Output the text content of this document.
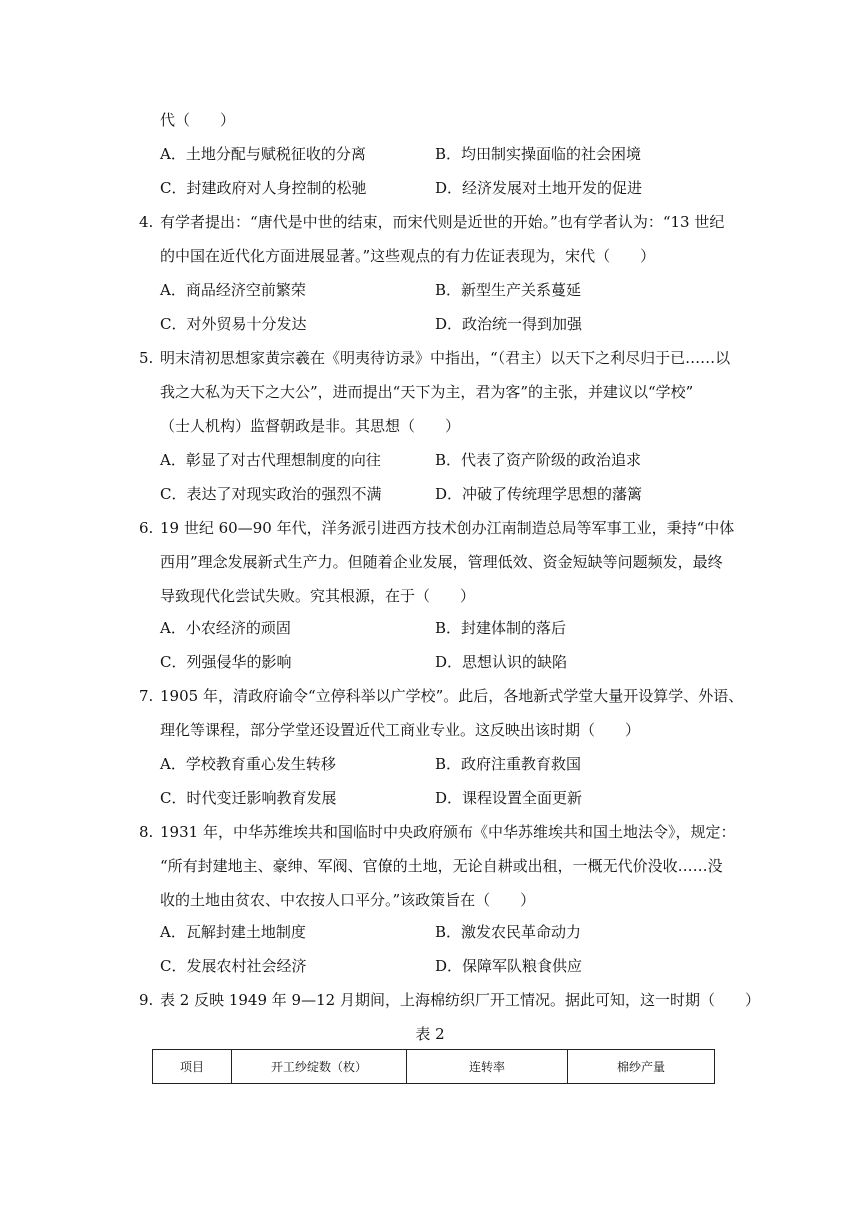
代（　　）
A．土地分配与赋税征收的分离	B．均田制实操面临的社会困境
C．封建政府对人身控制的松驰	D．经济发展对土地开发的促进
4. 有学者提出：“唐代是中世的结束，而宋代则是近世的开始。”也有学者认为：“13 世纪
的中国在近代化方面进展显著。”这些观点的有力佐证表现为，宋代（　　）
A．商品经济空前繁荣	B．新型生产关系蔓延
C．对外贸易十分发达	D．政治统一得到加强
5. 明末清初思想家黄宗羲在《明夷待访录》中指出，“（君主）以天下之利尽归于已……以
我之大私为天下之大公”，进而提出“天下为主，君为客”的主张，并建议以“学校”
（士人机构）监督朝政是非。其思想（　　）
A．彰显了对古代理想制度的向往	B．代表了资产阶级的政治追求
C．表达了对现实政治的强烈不满	D．冲破了传统理学思想的藩篱
6. 19 世纪 60—90 年代，洋务派引进西方技术创办江南制造总局等军事工业，秉持“中体
西用”理念发展新式生产力。但随着企业发展，管理低效、资金短缺等问题频发，最终
导致现代化尝试失败。究其根源，在于（　　）
A．小农经济的顽固	B．封建体制的落后
C．列强侵华的影响	D．思想认识的缺陷
7. 1905 年，清政府谕令“立停科举以广学校”。此后，各地新式学堂大量开设算学、外语、
理化等课程，部分学堂还设置近代工商业专业。这反映出该时期（　　）
A．学校教育重心发生转移	B．政府注重教育救国
C．时代变迁影响教育发展	D．课程设置全面更新
8. 1931 年，中华苏维埃共和国临时中央政府颁布《中华苏维埃共和国土地法令》，规定：
“所有封建地主、豪绅、军阀、官僚的土地，无论自耕或出租，一概无代价没收……没
收的土地由贫农、中农按人口平分。”该政策旨在（　　）
A．瓦解封建土地制度	B．激发农民革命动力
C．发展农村社会经济	D．保障军队粮食供应
9. 表 2 反映 1949 年 9—12 月期间，上海棉纺织厂开工情况。据此可知，这一时期（　　）
表 2
项目	开工纱绽数（枚）	连转率	棉纱产量
